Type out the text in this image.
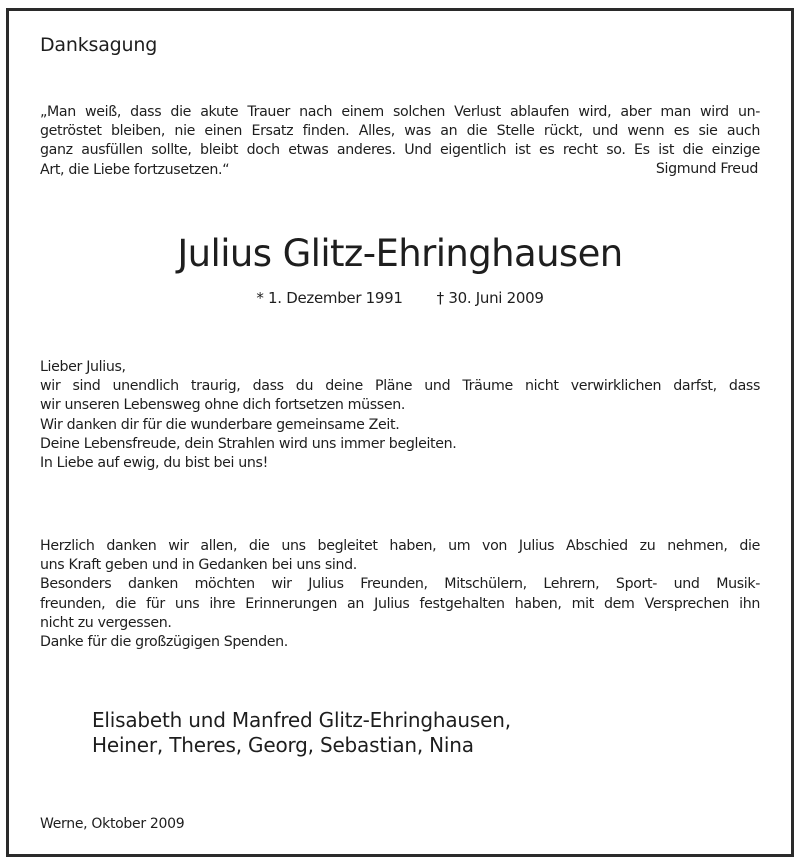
Danksagung
„Man weiß, dass die akute Trauer nach einem solchen Verlust ablaufen wird, aber man wird un-
getröstet bleiben, nie einen Ersatz finden. Alles, was an die Stelle rückt, und wenn es sie auch
ganz ausfüllen sollte, bleibt doch etwas anderes. Und eigentlich ist es recht so. Es ist die einzige
Art, die Liebe fortzusetzen.“	Sigmund Freud
Julius Glitz-Ehringhausen
* 1. Dezember 1991 † 30. Juni 2009
Lieber Julius,
wir sind unendlich traurig, dass du deine Pläne und Träume nicht verwirklichen darfst, dass
wir unseren Lebensweg ohne dich fortsetzen müssen.
Wir danken dir für die wunderbare gemeinsame Zeit.
Deine Lebensfreude, dein Strahlen wird uns immer begleiten.
In Liebe auf ewig, du bist bei uns!
Herzlich danken wir allen, die uns begleitet haben, um von Julius Abschied zu nehmen, die
uns Kraft geben und in Gedanken bei uns sind.
Besonders danken möchten wir Julius Freunden, Mitschülern, Lehrern, Sport- und Musik-
freunden, die für uns ihre Erinnerungen an Julius festgehalten haben, mit dem Versprechen ihn
nicht zu vergessen.
Danke für die großzügigen Spenden.
Elisabeth und Manfred Glitz-Ehringhausen,
Heiner, Theres, Georg, Sebastian, Nina
Werne, Oktober 2009
